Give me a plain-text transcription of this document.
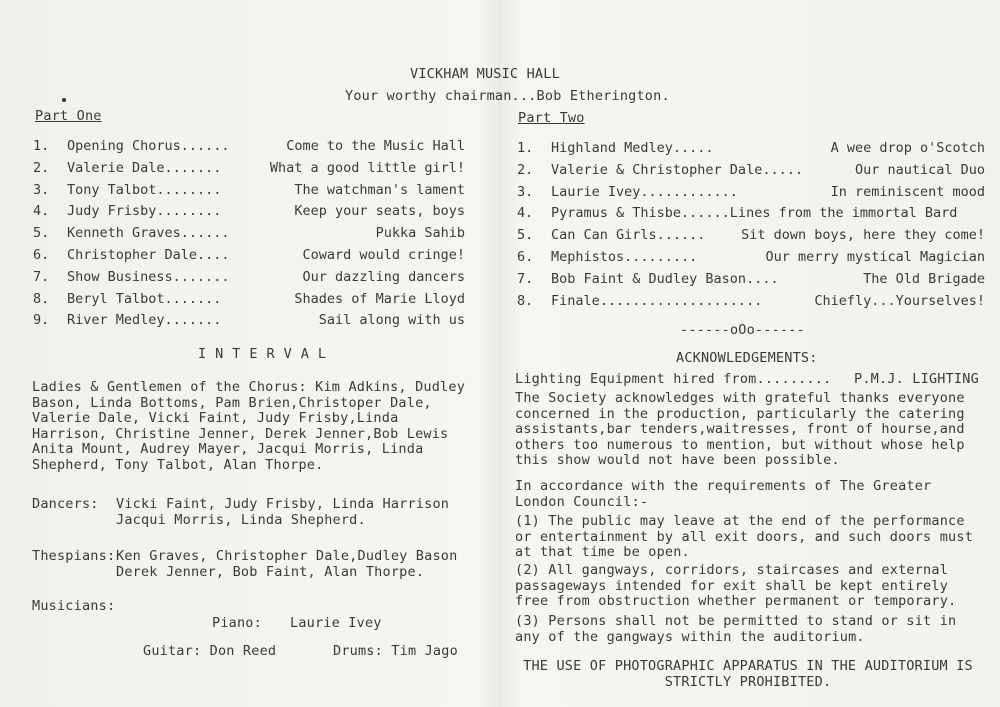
VICKHAM MUSIC HALL
Your worthy chairman...Bob Etherington.
Part One
1. Opening Chorus......	Come to the Music Hall
2. Valerie Dale.......	What a good little girl!
3. Tony Talbot........	The watchman's lament
4. Judy Frisby........	Keep your seats, boys
5. Kenneth Graves......	Pukka Sahib
6. Christopher Dale....	Coward would cringe!
7. Show Business.......	Our dazzling dancers
8. Beryl Talbot.......	Shades of Marie Lloyd
9. River Medley.......	Sail along with us
Part Two
1. Highland Medley.....	A wee drop o'Scotch
2. Valerie & Christopher Dale.....	Our nautical Duo
3. Laurie Ivey............	In reminiscent mood
4. Pyramus & Thisbe......Lines from the immortal Bard
5. Can Can Girls......	Sit down boys, here they come!
6. Mephistos.........	Our merry mystical Magician
7. Bob Faint & Dudley Bason....	The Old Brigade
8. Finale....................	Chiefly...Yourselves!
INTERVAL
Ladies & Gentlemen of the Chorus: Kim Adkins, Dudley Bason, Linda Bottoms, Pam Brien,Christoper Dale, Valerie Dale, Vicki Faint, Judy Frisby,Linda Harrison, Christine Jenner, Derek Jenner,Bob Lewis Anita Mount, Audrey Mayer, Jacqui Morris, Linda Shepherd, Tony Talbot, Alan Thorpe.
Dancers: Vicki Faint, Judy Frisby, Linda Harrison Jacqui Morris, Linda Shepherd.
Thespians: Ken Graves, Christopher Dale,Dudley Bason Derek Jenner, Bob Faint, Alan Thorpe.
Musicians:
Piano: Laurie Ivey
Guitar: Don Reed	Drums: Tim Jago
------oOo------
ACKNOWLEDGEMENTS:
Lighting Equipment hired from......... P.M.J. LIGHTING
The Society acknowledges with grateful thanks everyone concerned in the production, particularly the catering assistants,bar tenders,waitresses, front of hourse,and others too numerous to mention, but without whose help this show would not have been possible.
In accordance with the requirements of The Greater London Council:-
(1) The public may leave at the end of the performance or entertainment by all exit doors, and such doors must at that time be open.
(2) All gangways, corridors, staircases and external passageways intended for exit shall be kept entirely free from obstruction whether permanent or temporary.
(3) Persons shall not be permitted to stand or sit in any of the gangways within the auditorium.
THE USE OF PHOTOGRAPHIC APPARATUS IN THE AUDITORIUM IS STRICTLY PROHIBITED.
